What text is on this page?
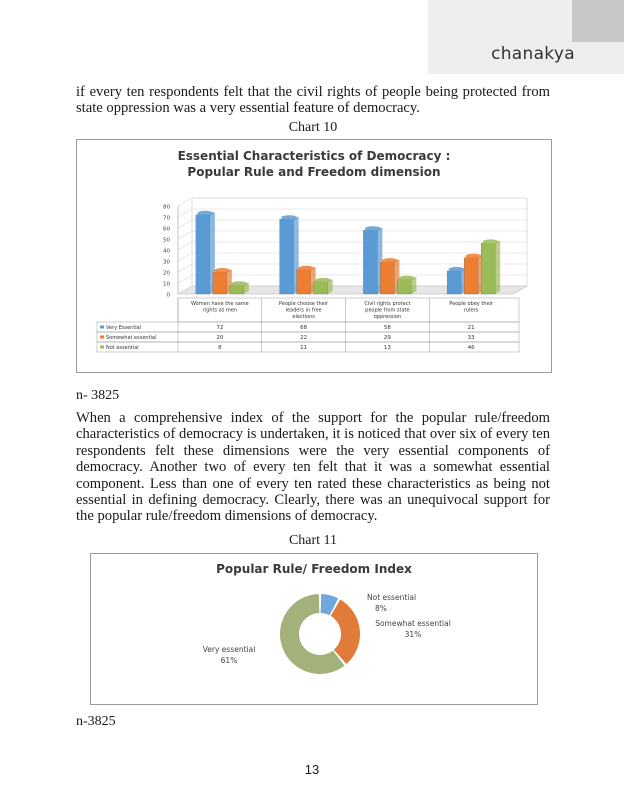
chanakya

if every ten respondents felt that the civil rights of people being protected from state oppression was a very essential feature of democracy.

Chart 10
Essential Characteristics of Democracy :
Popular Rule and Freedom dimension
0
10
20
30
40
50
60
70
80
Women have the same
rights as men
People choose their
leaders in free
elections
Civil rights protect
people from state
oppression
People obey their
rulers
Very Essential	72	68	58	21
Somewhat essential	20	22	29	33
Not essential	8	11	13	46
n- 3825

When a comprehensive index of the support for the popular rule/freedom characteristics of democracy is undertaken, it is noticed that over six of every ten respondents felt these dimensions were the very essential components of democracy. Another two of every ten felt that it was a somewhat essential component. Less than one of every ten rated these characteristics as being not essential in defining democracy. Clearly, there was an unequivocal support for the popular rule/freedom dimensions of democracy.

Chart 11
Popular Rule/ Freedom Index
Not essential
8%
Somewhat essential
31%
Very essential
61%
n-3825
13
